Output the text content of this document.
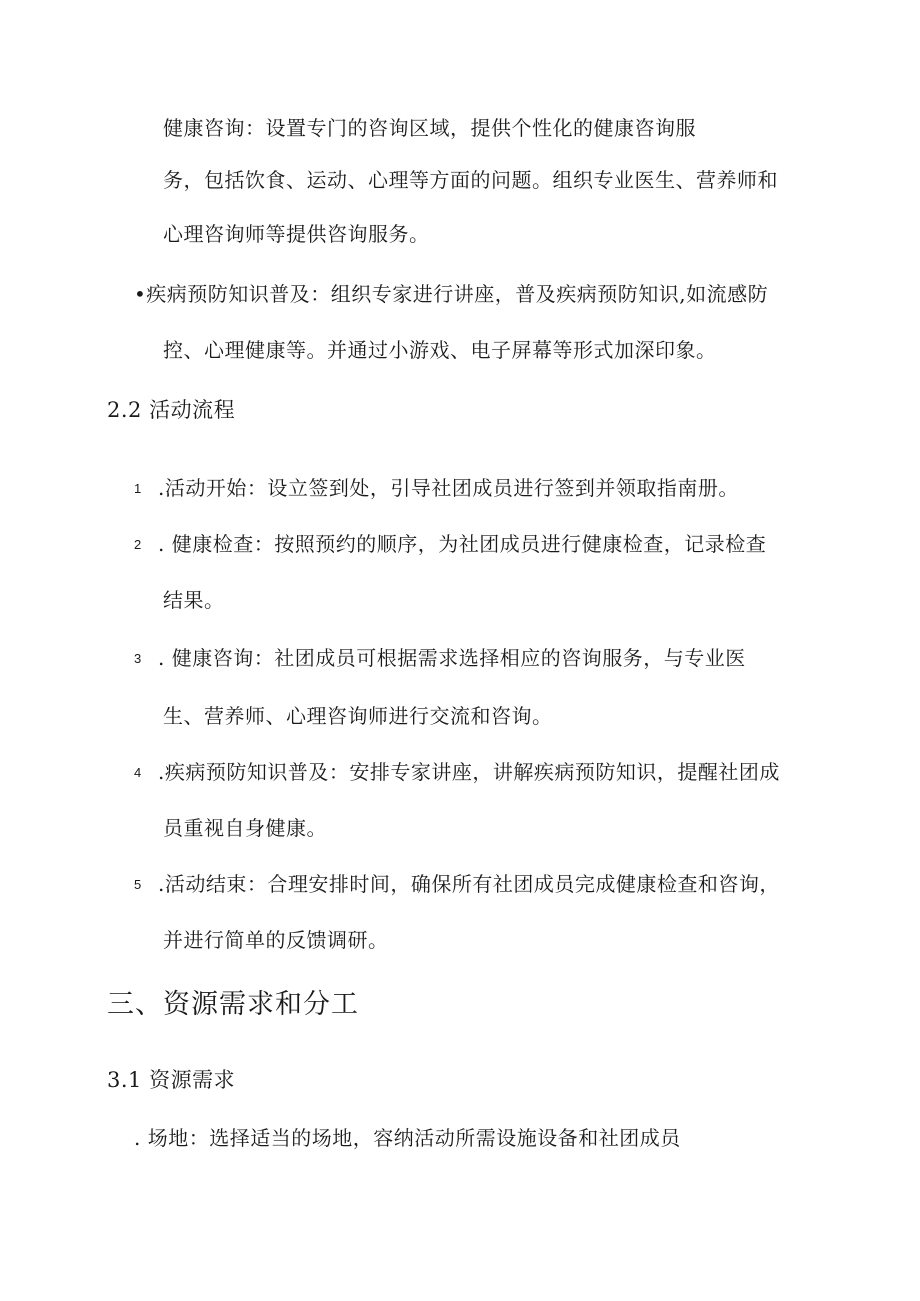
健康咨询：设置专门的咨询区域，提供个性化的健康咨询服
务，包括饮食、运动、心理等方面的问题。组织专业医生、营养师和
心理咨询师等提供咨询服务。
•疾病预防知识普及：组织专家进行讲座，普及疾病预防知识,如流感防
控、心理健康等。并通过小游戏、电子屏幕等形式加深印象。
2.2 活动流程
1 .活动开始：设立签到处，引导社团成员进行签到并领取指南册。
2 . 健康检查：按照预约的顺序，为社团成员进行健康检查，记录检查
结果。
3 . 健康咨询：社团成员可根据需求选择相应的咨询服务，与专业医
生、营养师、心理咨询师进行交流和咨询。
4 .疾病预防知识普及：安排专家讲座，讲解疾病预防知识，提醒社团成
员重视自身健康。
5 .活动结束：合理安排时间，确保所有社团成员完成健康检查和咨询，
并进行简单的反馈调研。
三、资源需求和分工
3.1 资源需求
. 场地：选择适当的场地，容纳活动所需设施设备和社团成员
